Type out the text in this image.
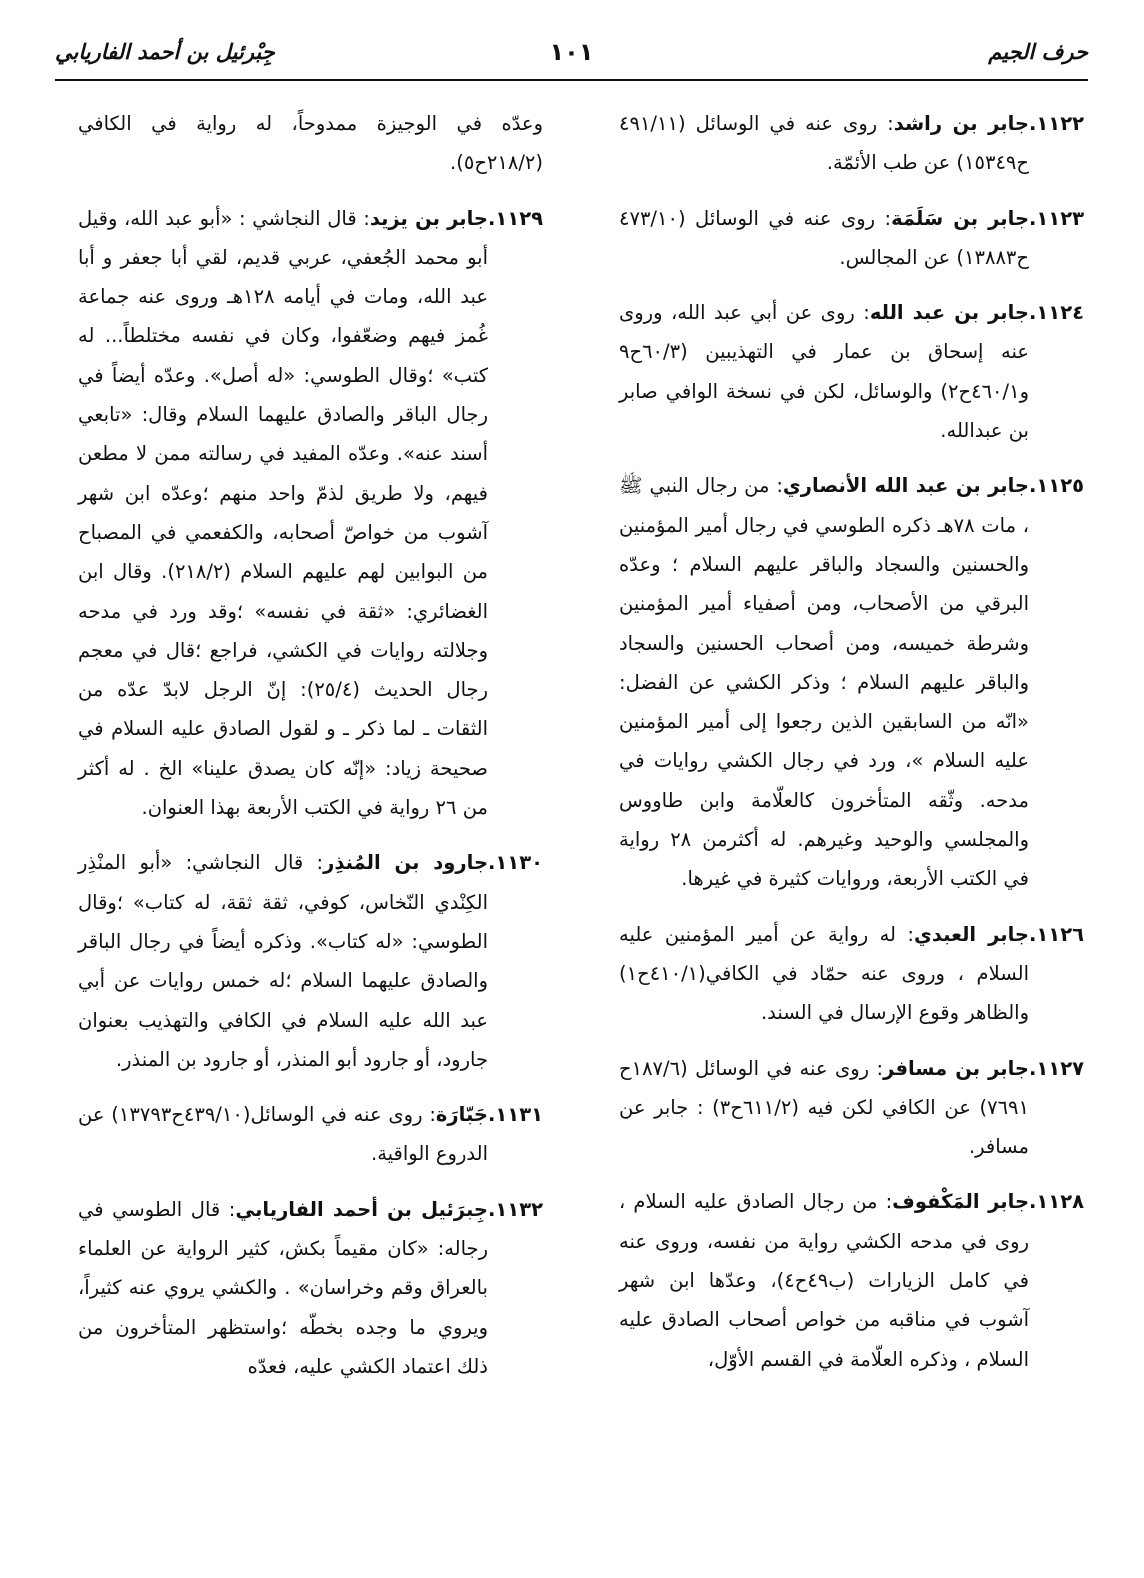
حرف الجيم
١٠١
جِبْرئيل بن أحمد الفاريابي
١١٢٢.
جابر بن راشد: روى عنه في الوسائل (٤٩١/١١ ح١٥٣٤٩) عن طب الأئمّة.
١١٢٣.
جابر بن سَلَمَة: روى عنه في الوسائل (٤٧٣/١٠ ح١٣٨٨٣) عن المجالس.
١١٢٤.
جابر بن عبد الله: روى عن أبي عبد الله، وروى عنه إسحاق بن عمار في التهذيبين (٦٠/٣ح٩ و٤٦٠/١ح٢) والوسائل، لكن في نسخة الوافي صابر بن عبدالله.
١١٢٥.
جابر بن عبد الله الأنصاري: من رجال النبي ﷺ ، مات ٧٨هـ ذكره الطوسي في رجال أمير المؤمنين والحسنين والسجاد والباقر عليهم السلام ؛ وعدّه البرقي من الأصحاب، ومن أصفياء أمير المؤمنين وشرطة خميسه، ومن أصحاب الحسنين والسجاد والباقر عليهم السلام ؛ وذكر الكشي عن الفضل: «انّه من السابقين الذين رجعوا إلى أمير المؤمنين عليه السلام »، ورد في رجال الكشي روايات في مدحه. وثّقه المتأخرون كالعلّامة وابن طاووس والمجلسي والوحيد وغيرهم. له أكثرمن ٢٨ رواية في الكتب الأربعة، وروايات كثيرة في غيرها.
١١٢٦.
جابر العبدي: له رواية عن أمير المؤمنين عليه السلام ، وروى عنه حمّاد في الكافي(٤١٠/١ح١) والظاهر وقوع الإرسال في السند.
١١٢٧.
جابر بن مسافر: روى عنه في الوسائل (١٨٧/٦ح ٧٦٩١) عن الكافي لكن فيه (٦١١/٢ح٣) : جابر عن مسافر.
١١٢٨.
جابر المَكْفوف: من رجال الصادق عليه السلام ، روى في مدحه الكشي رواية من نفسه، وروى عنه في كامل الزيارات (ب٤٩ح٤)، وعدّها ابن شهر آشوب في مناقبه من خواص أصحاب الصادق عليه السلام ، وذكره العلّامة في القسم الأوّل،
وعدّه في الوجيزة ممدوحاً، له رواية في الكافي (٢١٨/٢ح٥).
١١٢٩.
جابر بن يزيد: قال النجاشي : «أبو عبد الله، وقيل أبو محمد الجُعفي، عربي قديم، لقي أبا جعفر و أبا عبد الله، ومات في أيامه ١٢٨هـ وروى عنه جماعة غُمز فيهم وضعّفوا، وكان في نفسه مختلطاً... له كتب» ؛وقال الطوسي: «له أصل». وعدّه أيضاً في رجال الباقر والصادق عليهما السلام وقال: «تابعي أسند عنه». وعدّه المفيد في رسالته ممن لا مطعن فيهم، ولا طريق لذمّ واحد منهم ؛وعدّه ابن شهر آشوب من خواصّ أصحابه، والكفعمي في المصباح من البوابين لهم عليهم السلام (٢١٨/٢). وقال ابن الغضائري: «ثقة في نفسه» ؛وقد ورد في مدحه وجلالته روايات في الكشي، فراجع ؛قال في معجم رجال الحديث (٢٥/٤): إنّ الرجل لابدّ عدّه من الثقات ـ لما ذكر ـ و لقول الصادق عليه السلام في صحيحة زياد: «إنّه كان يصدق علينا» الخ . له أكثر من ٢٦ رواية في الكتب الأربعة بهذا العنوان.
١١٣٠.
جارود بن المُنذِر: قال النجاشي: «أبو المنْذِر الكِنْدي النّخاس، كوفي، ثقة ثقة، له كتاب» ؛وقال الطوسي: «له كتاب». وذكره أيضاً في رجال الباقر والصادق عليهما السلام ؛له خمس روايات عن أبي عبد الله عليه السلام في الكافي والتهذيب بعنوان جارود، أو جارود أبو المنذر، أو جارود بن المنذر.
١١٣١.
جَبّارَة: روى عنه في الوسائل(٤٣٩/١٠ح١٣٧٩٣) عن الدروع الواقية.
١١٣٢.
جِبرَئيل بن أحمد الفاريابي: قال الطوسي في رجاله: «كان مقيماً بكش، كثير الرواية عن العلماء بالعراق وقم وخراسان» . والكشي يروي عنه كثيراً، ويروي ما وجده بخطّه ؛واستظهر المتأخرون من ذلك اعتماد الكشي عليه، فعدّه
